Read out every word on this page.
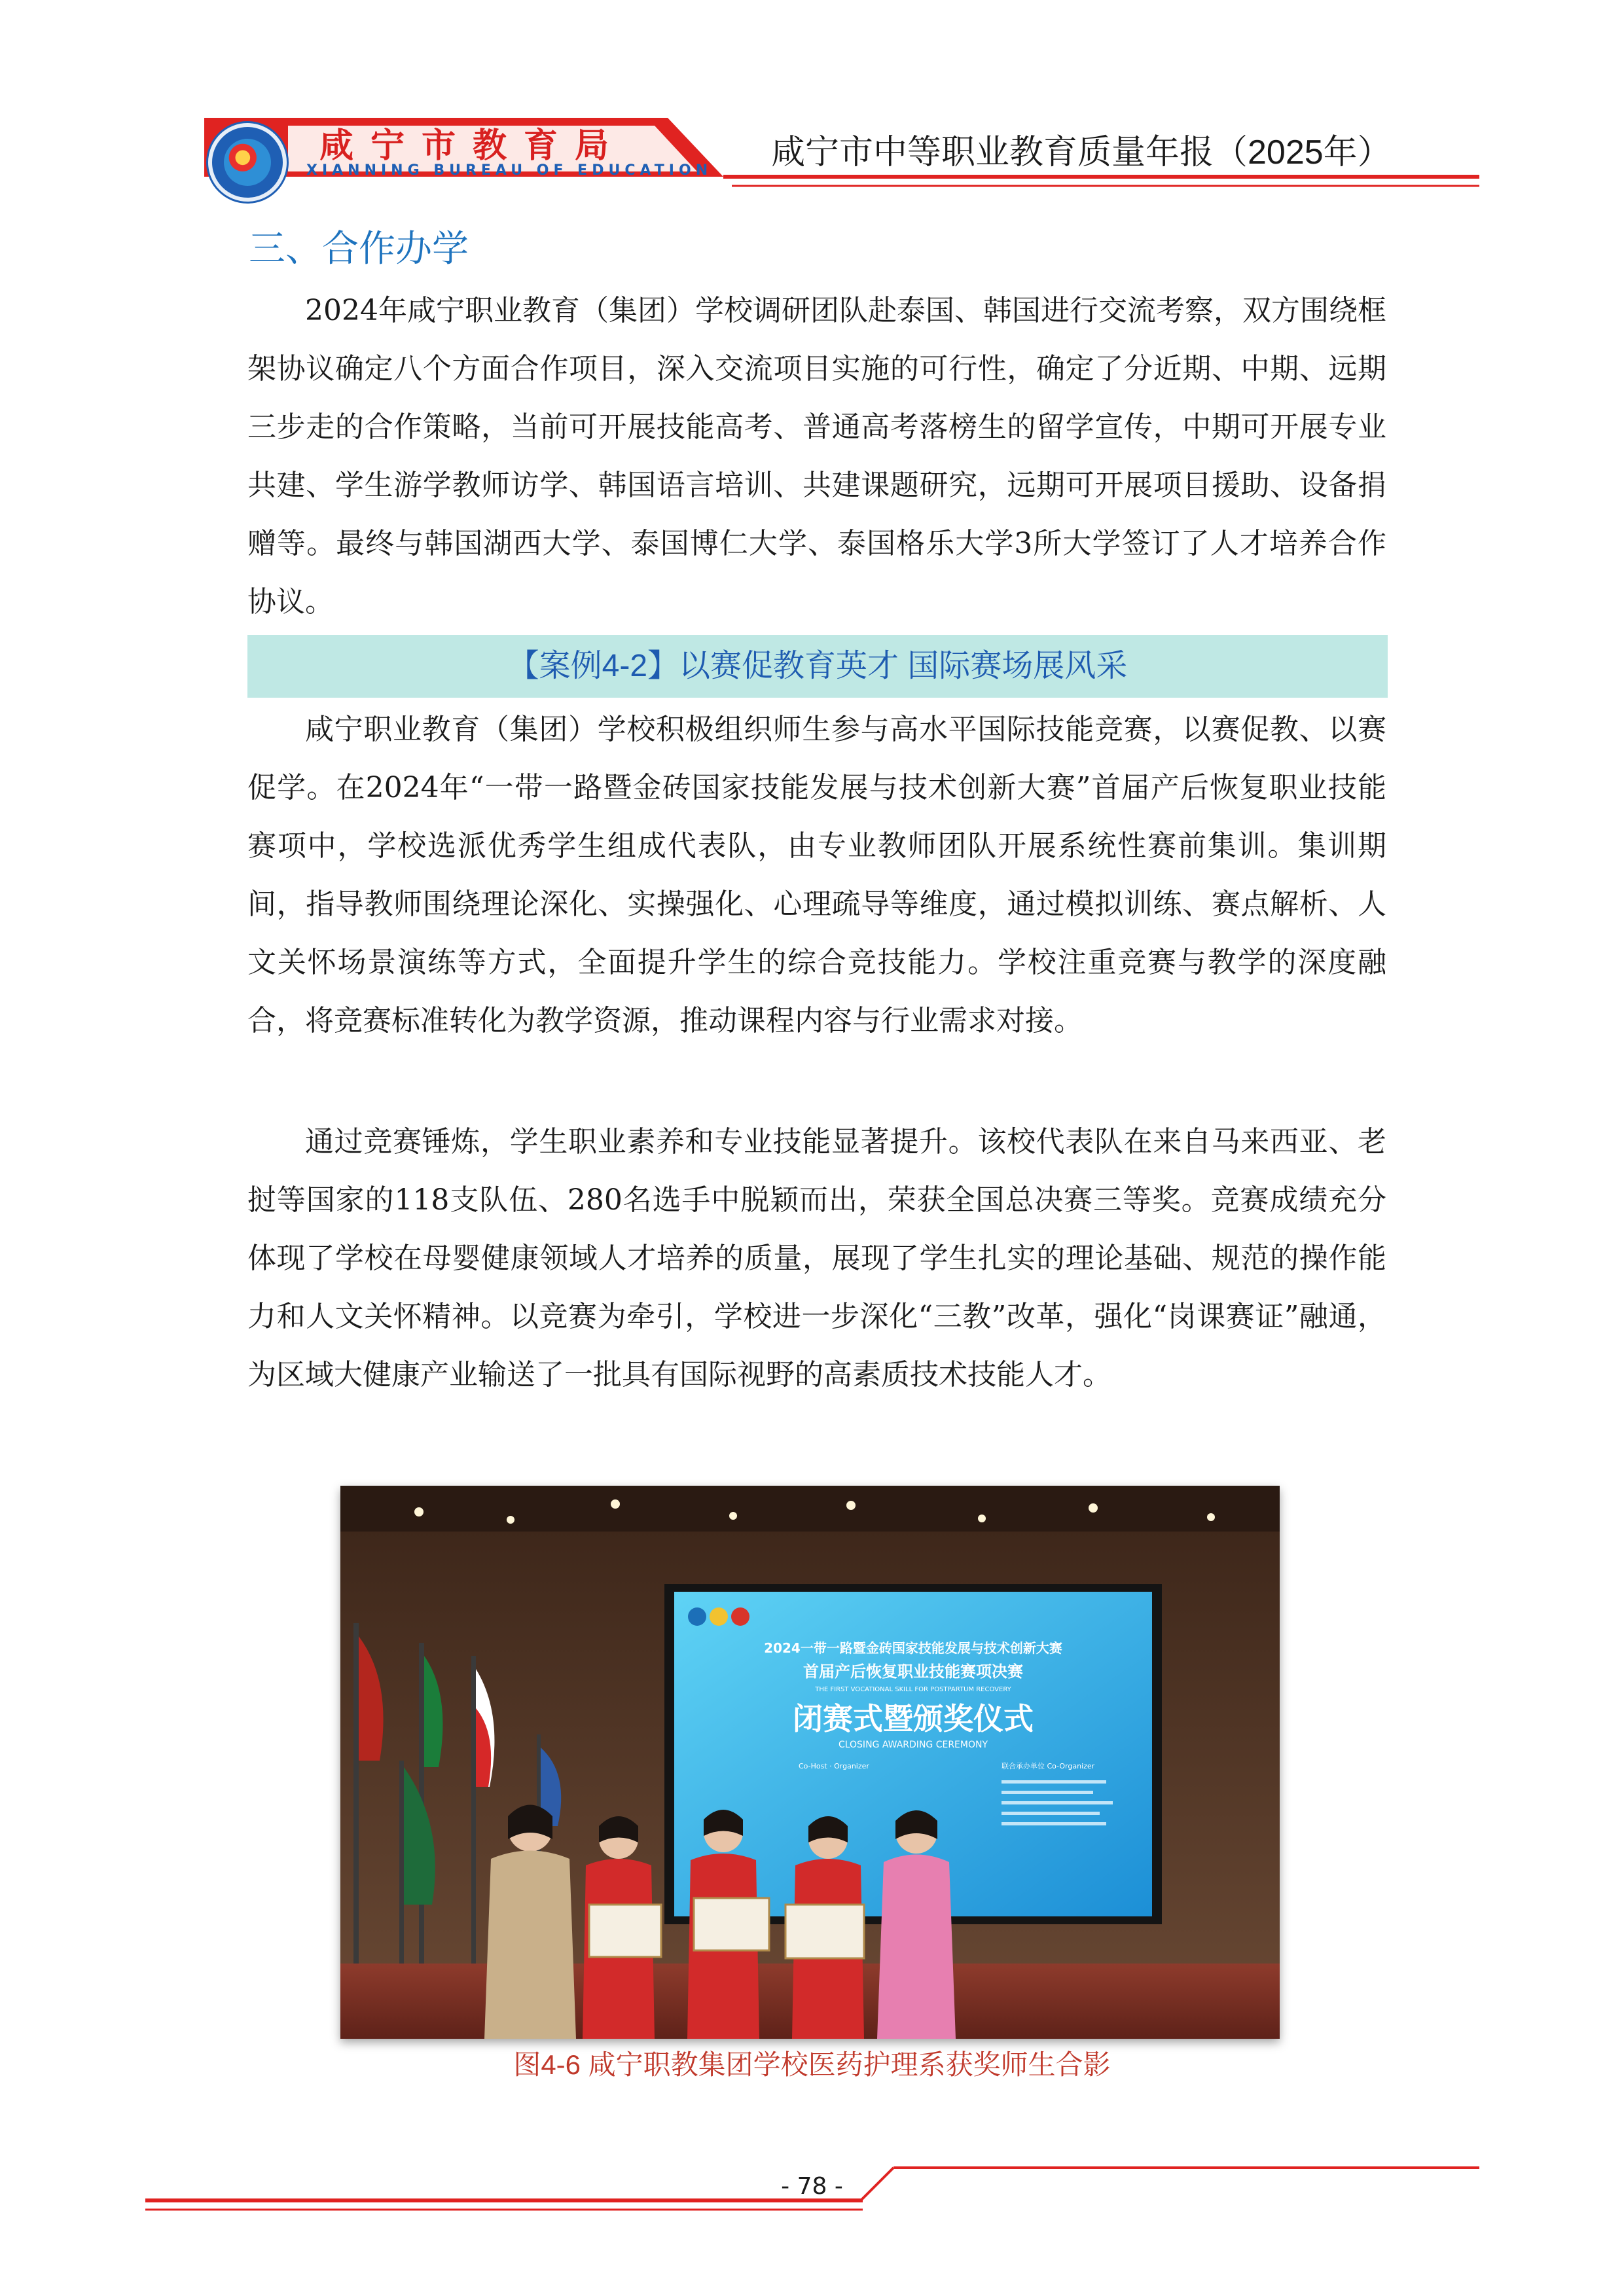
咸宁市教育局
XIANNING BUREAU OF EDUCATION 咸宁市中等职业教育质量年报（2025年）
三、合作办学

2024年咸宁职业教育（集团）学校调研团队赴泰国、韩国进行交流考察，双方围绕框架协议确定八个方面合作项目，深入交流项目实施的可行性，确定了分近期、中期、远期三步走的合作策略，当前可开展技能高考、普通高考落榜生的留学宣传，中期可开展专业共建、学生游学教师访学、韩国语言培训、共建课题研究，远期可开展项目援助、设备捐赠等。最终与韩国湖西大学、泰国博仁大学、泰国格乐大学3所大学签订了人才培养合作协议。

【案例4-2】以赛促教育英才 国际赛场展风采

咸宁职业教育（集团）学校积极组织师生参与高水平国际技能竞赛，以赛促教、以赛促学。在2024年“一带一路暨金砖国家技能发展与技术创新大赛”首届产后恢复职业技能赛项中，学校选派优秀学生组成代表队，由专业教师团队开展系统性赛前集训。集训期间，指导教师围绕理论深化、实操强化、心理疏导等维度，通过模拟训练、赛点解析、人文关怀场景演练等方式，全面提升学生的综合竞技能力。学校注重竞赛与教学的深度融合，将竞赛标准转化为教学资源，推动课程内容与行业需求对接。

通过竞赛锤炼，学生职业素养和专业技能显著提升。该校代表队在来自马来西亚、老挝等国家的118支队伍、280名选手中脱颖而出，荣获全国总决赛三等奖。竞赛成绩充分体现了学校在母婴健康领域人才培养的质量，展现了学生扎实的理论基础、规范的操作能力和人文关怀精神。以竞赛为牵引，学校进一步深化“三教”改革，强化“岗课赛证”融通，为区域大健康产业输送了一批具有国际视野的高素质技术技能人才。

2024一带一路暨金砖国家技能发展与技术创新大赛
首届产后恢复职业技能赛项决赛
THE FIRST VOCATIONAL SKILL FOR POSTPARTUM RECOVERY
闭赛式暨颁奖仪式
CLOSING AWARDING CEREMONY
联合承办单位 Co-Organizer
Co-Host · Organizer
图4-6 咸宁职教集团学校医药护理系获奖师生合影
- 78 -
